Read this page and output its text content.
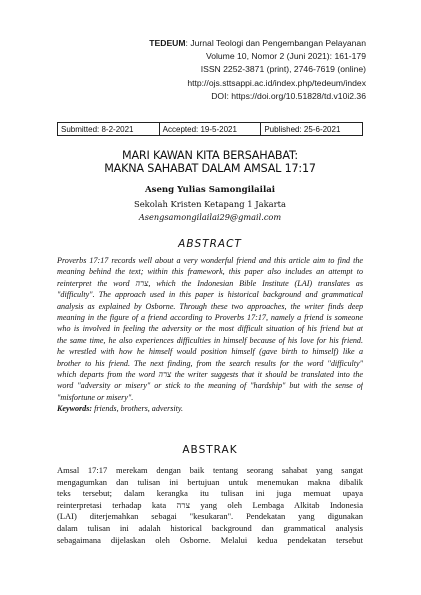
TEDEUM: Jurnal Teologi dan Pengembangan Pelayanan
Volume 10, Nomor 2 (Juni 2021): 161-179
ISSN 2252-3871 (print), 2746-7619 (online)
http://ojs.sttsappi.ac.id/index.php/tedeum/index
DOI: https://doi.org/10.51828/td.v10i2.36
Submitted: 8-2-2021	Accepted: 19-5-2021	Published: 25-6-2021
MARI KAWAN KITA BERSAHABAT:
MAKNA SAHABAT DALAM AMSAL 17:17
Aseng Yulias Samongilailai
Sekolah Kristen Ketapang 1 Jakarta
Asengsamongilailai29@gmail.com
ABSTRACT
Proverbs 17:17 records well about a very wonderful friend and this article aim to find the
meaning behind the text; within this framework, this paper also includes an attempt to
reinterpret the word צרה, which the Indonesian Bible Institute (LAI) translates as
"difficulty". The approach used in this paper is historical background and grammatical
analysis as explained by Osborne. Through these two approaches, the writer finds deep
meaning in the figure of a friend according to Proverbs 17:17, namely a friend is someone
who is involved in feeling the adversity or the most difficult situation of his friend but at
the same time, he also experiences difficulties in himself because of his love for his friend.
he wrestled with how he himself would position himself (gave birth to himself) like a
brother to his friend. The next finding, from the search results for the word "difficulty"
which departs from the word צרה the writer suggests that it should be translated into the
word "adversity or misery" or stick to the meaning of "hardship" but with the sense of
"misfortune or misery".
Keywords: friends, brothers, adversity.
ABSTRAK
Amsal 17:17 merekam dengan baik tentang seorang sahabat yang sangat
mengagumkan dan tulisan ini bertujuan untuk menemukan makna dibalik
teks tersebut; dalam kerangka itu tulisan ini juga memuat upaya
reinterpretasi terhadap kata צרה yang oleh Lembaga Alkitab Indonesia
(LAI) diterjemahkan sebagai "kesukaran". Pendekatan yang digunakan
dalam tulisan ini adalah historical background dan grammatical analysis
sebagaimana dijelaskan oleh Osborne. Melalui kedua pendekatan tersebut
